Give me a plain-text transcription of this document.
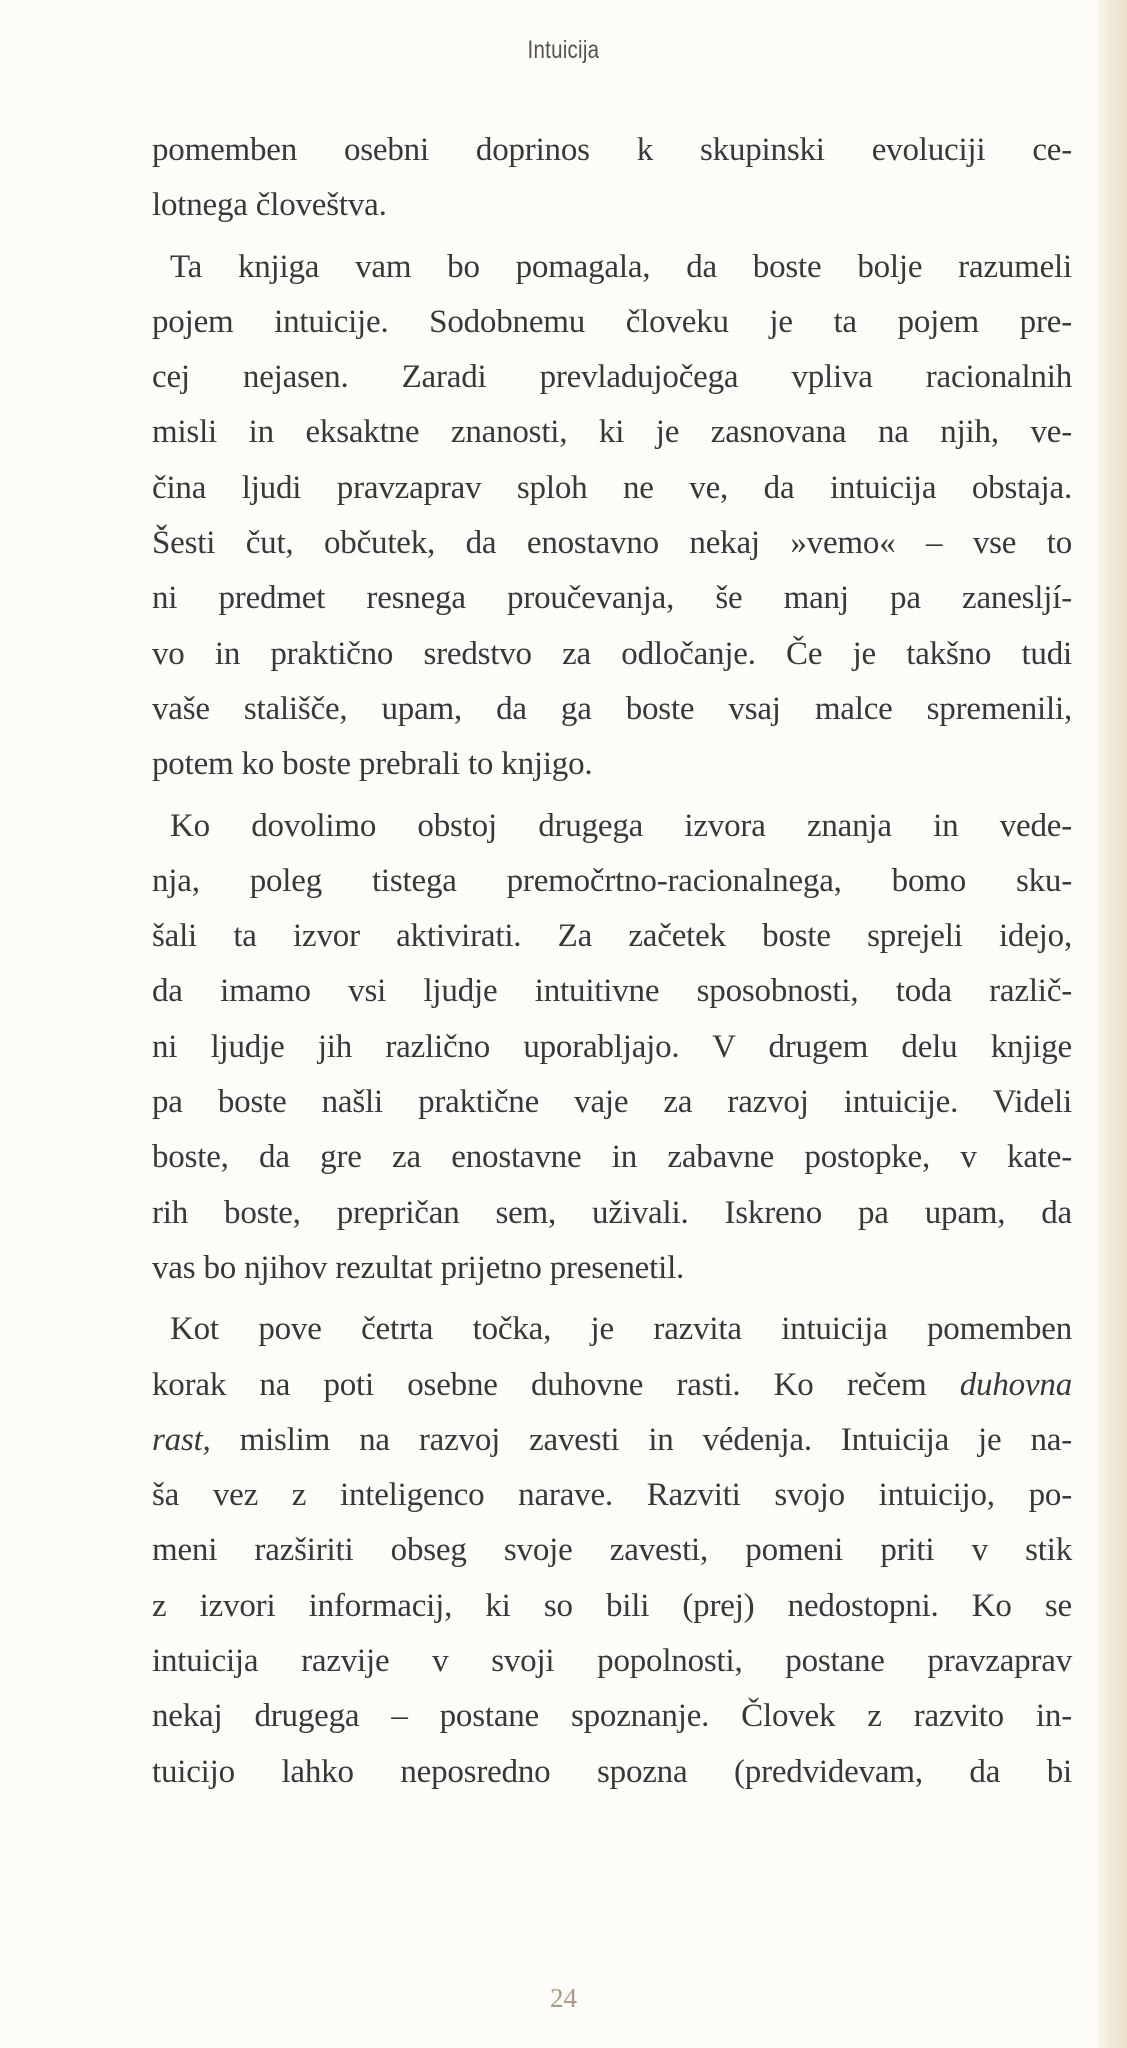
Intuicija
pomemben osebni doprinos k skupinski evoluciji ce-
lotnega človeštva.
Ta knjiga vam bo pomagala, da boste bolje razumeli
pojem intuicije. Sodobnemu človeku je ta pojem pre-
cej nejasen. Zaradi prevladujočega vpliva racionalnih
misli in eksaktne znanosti, ki je zasnovana na njih, ve-
čina ljudi pravzaprav sploh ne ve, da intuicija obstaja.
Šesti čut, občutek, da enostavno nekaj »vemo« – vse to
ni predmet resnega proučevanja, še manj pa zanesljí-
vo in praktično sredstvo za odločanje. Če je takšno tudi
vaše stališče, upam, da ga boste vsaj malce spremenili,
potem ko boste prebrali to knjigo.
Ko dovolimo obstoj drugega izvora znanja in vede-
nja, poleg tistega premočrtno-racionalnega, bomo sku-
šali ta izvor aktivirati. Za začetek boste sprejeli idejo,
da imamo vsi ljudje intuitivne sposobnosti, toda različ-
ni ljudje jih različno uporabljajo. V drugem delu knjige
pa boste našli praktične vaje za razvoj intuicije. Videli
boste, da gre za enostavne in zabavne postopke, v kate-
rih boste, prepričan sem, uživali. Iskreno pa upam, da
vas bo njihov rezultat prijetno presenetil.
Kot pove četrta točka, je razvita intuicija pomemben
korak na poti osebne duhovne rasti. Ko rečem duhovna
rast, mislim na razvoj zavesti in védenja. Intuicija je na-
ša vez z inteligenco narave. Razviti svojo intuicijo, po-
meni razširiti obseg svoje zavesti, pomeni priti v stik
z izvori informacij, ki so bili (prej) nedostopni. Ko se
intuicija razvije v svoji popolnosti, postane pravzaprav
nekaj drugega – postane spoznanje. Človek z razvito in-
tuicijo lahko neposredno spozna (predvidevam, da bi
24
